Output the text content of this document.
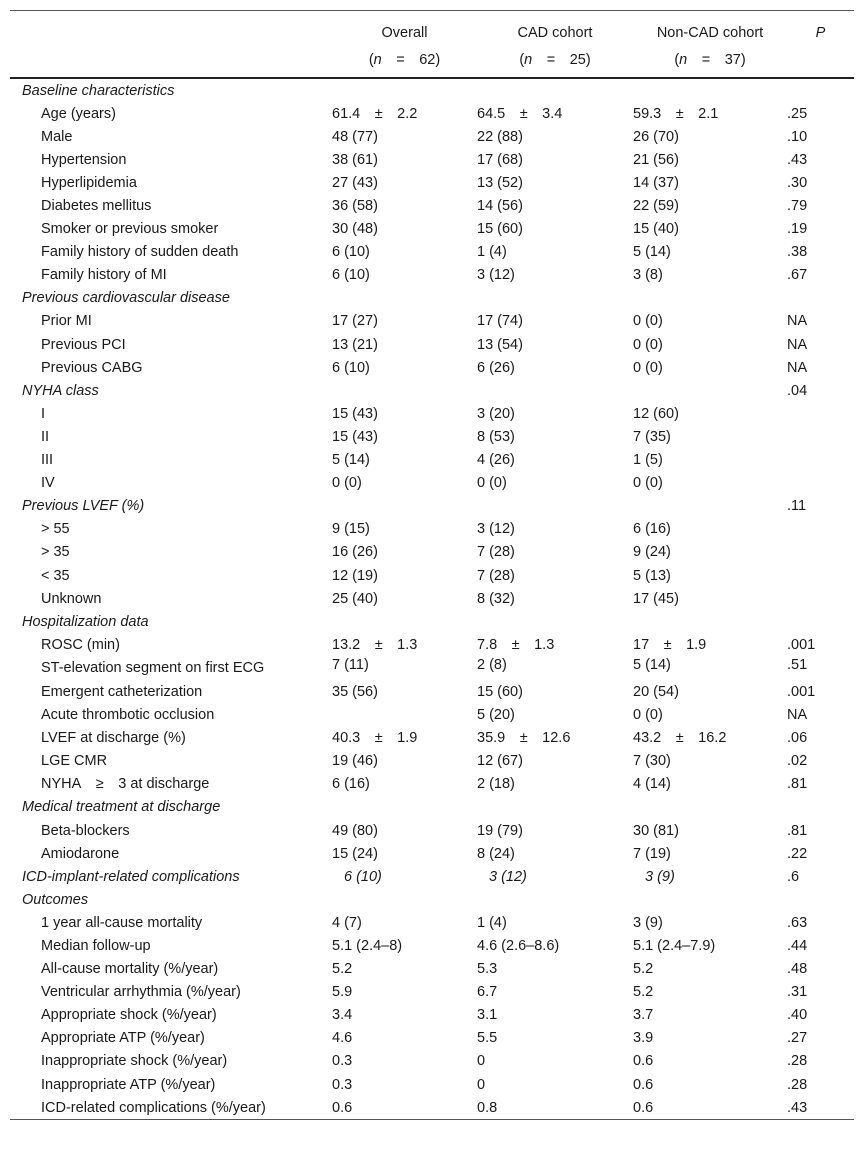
	Overall	CAD cohort	Non-CAD cohort	P
	(n = 62)	(n = 25)	(n = 37)	
Baseline characteristics				
Age (years)	61.4 ± 2.2	64.5 ± 3.4	59.3 ± 2.1	.25
Male	48 (77)	22 (88)	26 (70)	.10
Hypertension	38 (61)	17 (68)	21 (56)	.43
Hyperlipidemia	27 (43)	13 (52)	14 (37)	.30
Diabetes mellitus	36 (58)	14 (56)	22 (59)	.79
Smoker or previous smoker	30 (48)	15 (60)	15 (40)	.19
Family history of sudden death	6 (10)	1 (4)	5 (14)	.38
Family history of MI	6 (10)	3 (12)	3 (8)	.67
Previous cardiovascular disease				
Prior MI	17 (27)	17 (74)	0 (0)	NA
Previous PCI	13 (21)	13 (54)	0 (0)	NA
Previous CABG	6 (10)	6 (26)	0 (0)	NA
NYHA class				.04
I	15 (43)	3 (20)	12 (60)	
II	15 (43)	8 (53)	7 (35)	
III	5 (14)	4 (26)	1 (5)	
IV	0 (0)	0 (0)	0 (0)	
Previous LVEF (%)				.11
> 55	9 (15)	3 (12)	6 (16)	
> 35	16 (26)	7 (28)	9 (24)	
< 35	12 (19)	7 (28)	5 (13)	
Unknown	25 (40)	8 (32)	17 (45)	
Hospitalization data				
ROSC (min)	13.2 ± 1.3	7.8 ± 1.3	17 ± 1.9	.001
ST-elevation segment on first ECG	7 (11)	2 (8)	5 (14)	.51
Emergent catheterization	35 (56)	15 (60)	20 (54)	.001
Acute thrombotic occlusion		5 (20)	0 (0)	NA
LVEF at discharge (%)	40.3 ± 1.9	35.9 ± 12.6	43.2 ± 16.2	.06
LGE CMR	19 (46)	12 (67)	7 (30)	.02
NYHA ≥ 3 at discharge	6 (16)	2 (18)	4 (14)	.81
Medical treatment at discharge				
Beta-blockers	49 (80)	19 (79)	30 (81)	.81
Amiodarone	15 (24)	8 (24)	7 (19)	.22
ICD-implant-related complications	6 (10)	3 (12)	3 (9)	.6
Outcomes				
1 year all-cause mortality	4 (7)	1 (4)	3 (9)	.63
Median follow-up	5.1 (2.4–8)	4.6 (2.6–8.6)	5.1 (2.4–7.9)	.44
All-cause mortality (%/year)	5.2	5.3	5.2	.48
Ventricular arrhythmia (%/year)	5.9	6.7	5.2	.31
Appropriate shock (%/year)	3.4	3.1	3.7	.40
Appropriate ATP (%/year)	4.6	5.5	3.9	.27
Inappropriate shock (%/year)	0.3	0	0.6	.28
Inappropriate ATP (%/year)	0.3	0	0.6	.28
ICD-related complications (%/year)	0.6	0.8	0.6	.43
